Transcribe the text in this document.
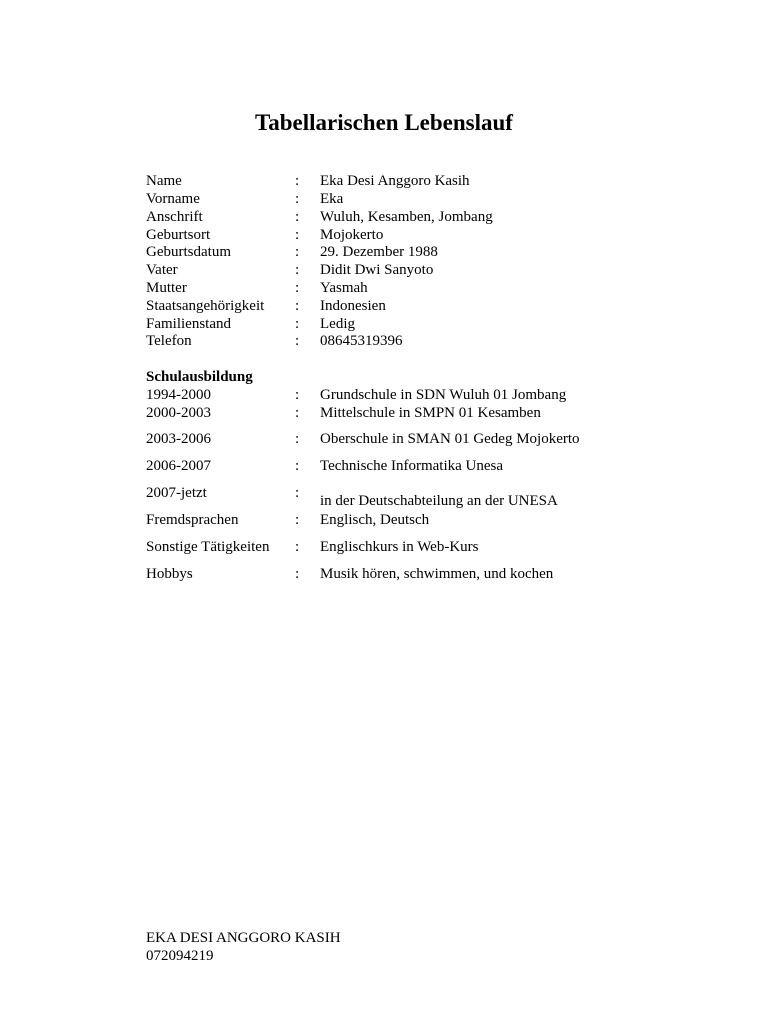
Tabellarischen Lebenslauf
Name	: Eka Desi Anggoro Kasih
Vorname	: Eka
Anschrift	: Wuluh, Kesamben, Jombang
Geburtsort	: Mojokerto
Geburtsdatum	: 29. Dezember 1988
Vater	: Didit Dwi Sanyoto
Mutter	: Yasmah
Staatsangehörigkeit : Indonesien
Familienstand	: Ledig
Telefon	: 08645319396
Schulausbildung
1994-2000	: Grundschule in SDN Wuluh 01 Jombang
2000-2003	: Mittelschule in SMPN 01 Kesamben
2003-2006	: Oberschule in SMAN 01 Gedeg Mojokerto
2006-2007	: Technische Informatika Unesa
2007-jetzt	: in der Deutschabteilung an der UNESA
Fremdsprachen	: Englisch, Deutsch
Sonstige Tätigkeiten : Englischkurs in Web-Kurs
Hobbys	: Musik hören, schwimmen, und kochen
EKA DESI ANGGORO KASIH
072094219
